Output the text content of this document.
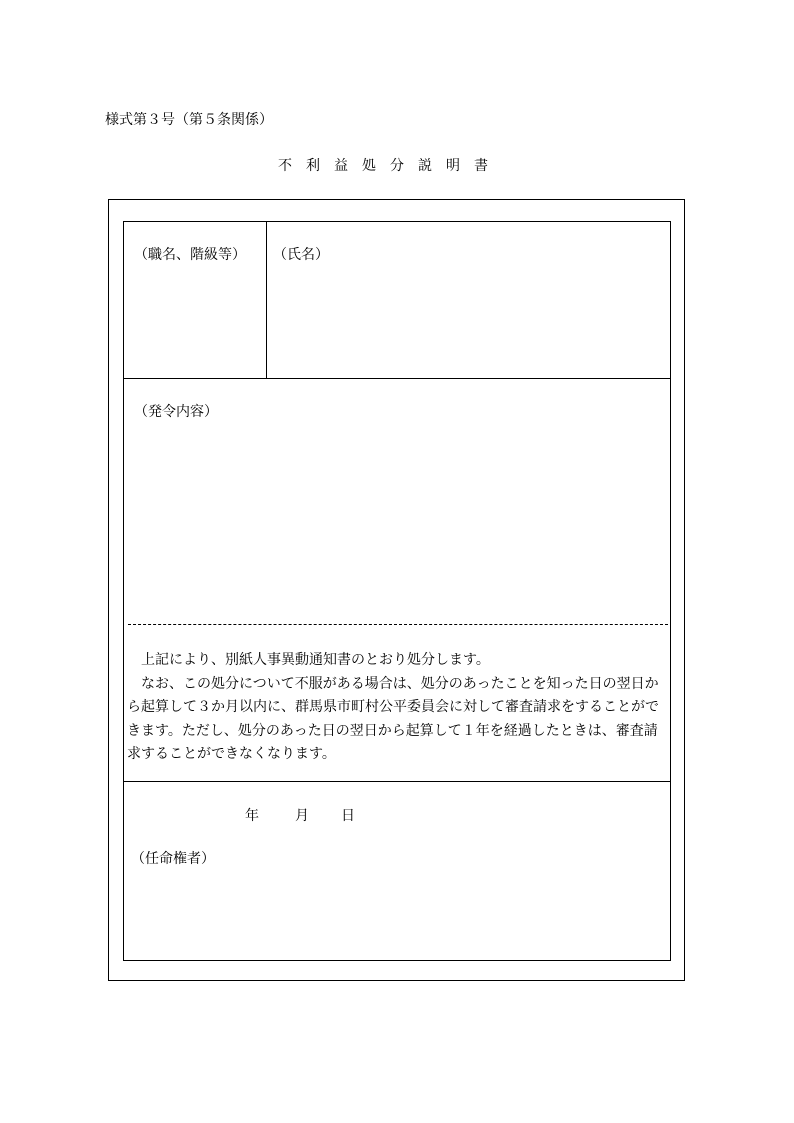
様式第３号（第５条関係）
不利益処分説明書
（職名、階級等） （氏名）
（発令内容）

上記により、別紙人事異動通知書のとおり処分します。

なお、この処分について不服がある場合は、処分のあったことを知った日の翌日から起算して３か月以内に、群馬県市町村公平委員会に対して審査請求をすることができます。ただし、処分のあった日の翌日から起算して１年を経過したときは、審査請求することができなくなります。

年	月 日
（任命権者）
